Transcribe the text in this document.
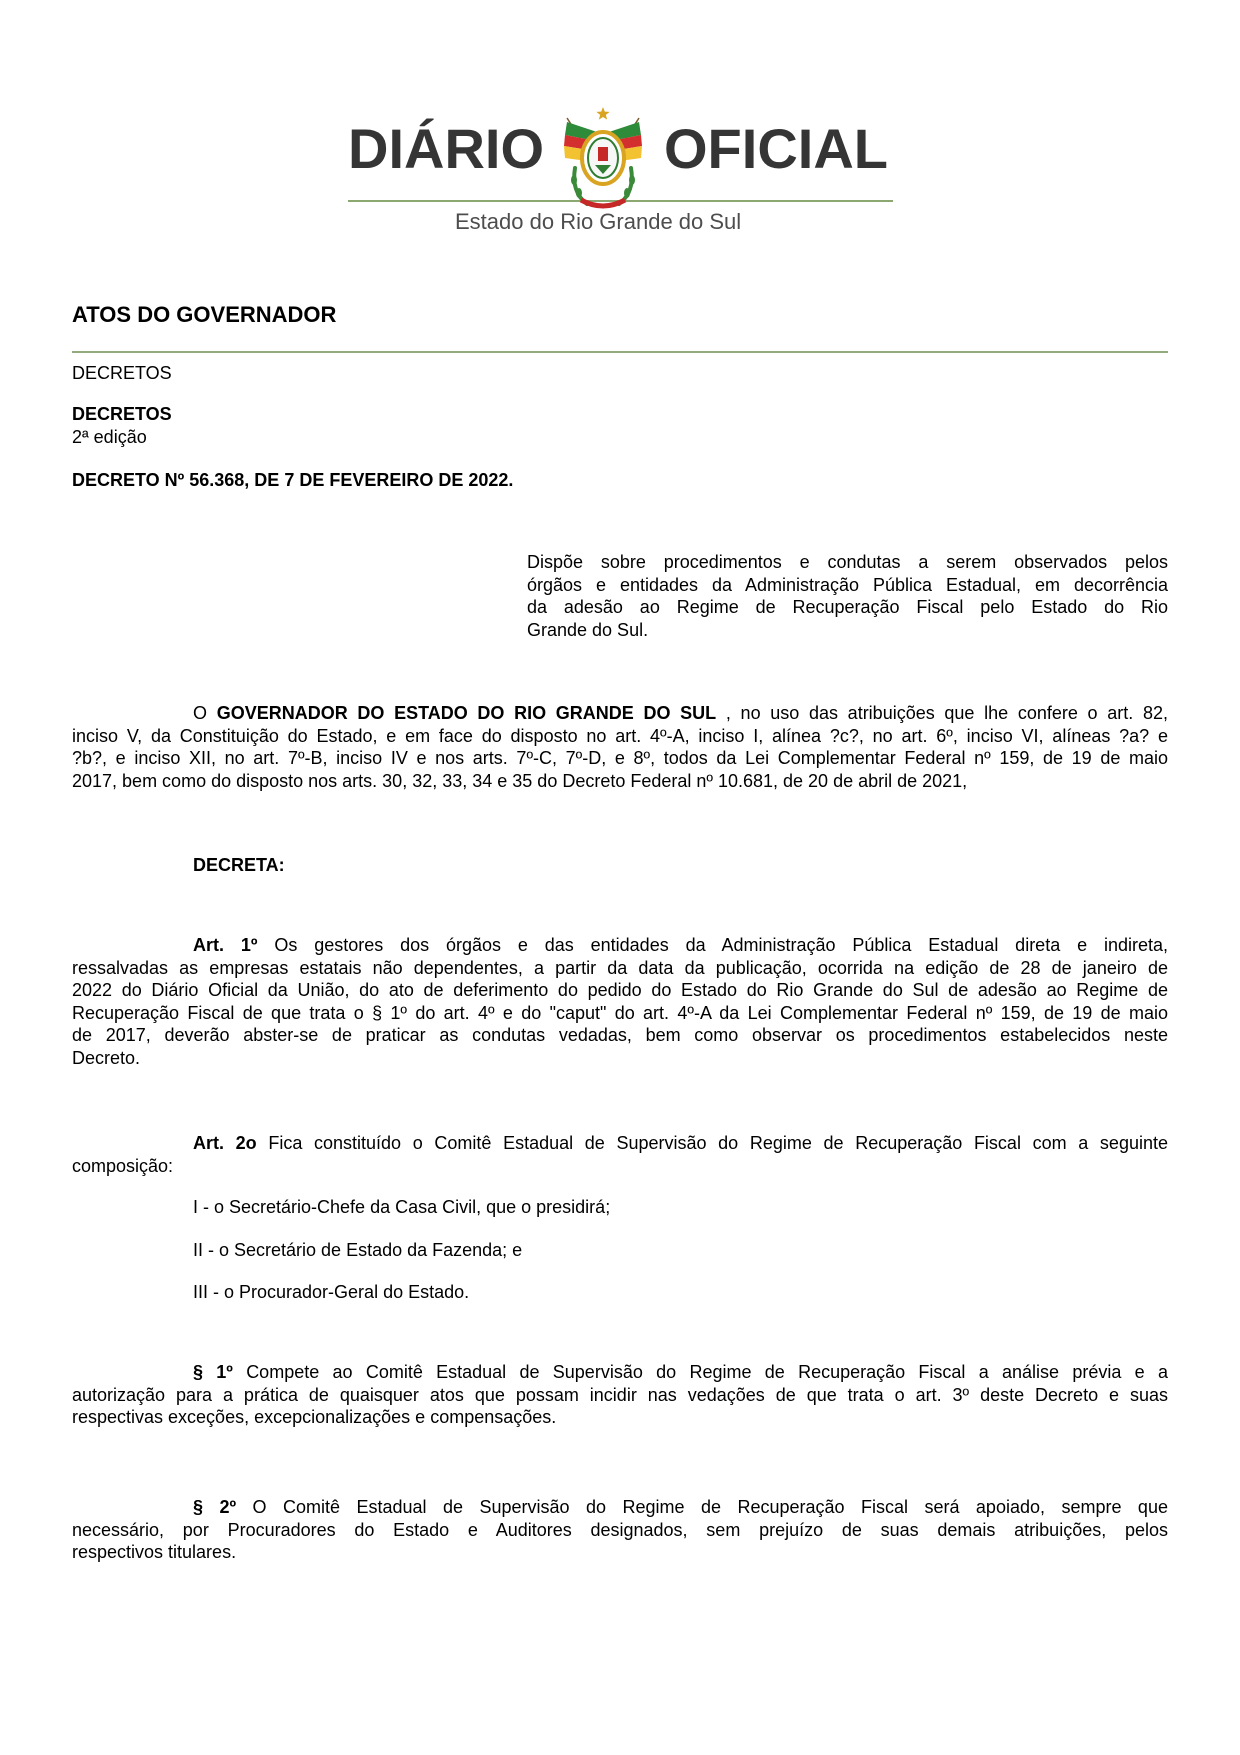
DIÁRIO OFICIAL
Estado do Rio Grande do Sul
ATOS DO GOVERNADOR
DECRETOS
DECRETOS
2ª edição
DECRETO Nº 56.368, DE 7 DE FEVEREIRO DE 2022.
Dispõe sobre procedimentos e condutas a serem observados pelos
órgãos e entidades da Administração Pública Estadual, em decorrência
da adesão ao Regime de Recuperação Fiscal pelo Estado do Rio
Grande do Sul.
O GOVERNADOR DO ESTADO DO RIO GRANDE DO SUL , no uso das atribuições que lhe confere o art. 82,
inciso V, da Constituição do Estado, e em face do disposto no art. 4º-A, inciso I, alínea ?c?, no art. 6º, inciso VI, alíneas ?a? e
?b?, e inciso XII, no art. 7º-B, inciso IV e nos arts. 7º-C, 7º-D, e 8º, todos da Lei Complementar Federal nº 159, de 19 de maio
2017, bem como do disposto nos arts. 30, 32, 33, 34 e 35 do Decreto Federal nº 10.681, de 20 de abril de 2021,
DECRETA:
Art. 1º Os gestores dos órgãos e das entidades da Administração Pública Estadual direta e indireta,
ressalvadas as empresas estatais não dependentes, a partir da data da publicação, ocorrida na edição de 28 de janeiro de
2022 do Diário Oficial da União, do ato de deferimento do pedido do Estado do Rio Grande do Sul de adesão ao Regime de
Recuperação Fiscal de que trata o § 1º do art. 4º e do "caput" do art. 4º-A da Lei Complementar Federal nº 159, de 19 de maio
de 2017, deverão abster-se de praticar as condutas vedadas, bem como observar os procedimentos estabelecidos neste
Decreto.
Art. 2o Fica constituído o Comitê Estadual de Supervisão do Regime de Recuperação Fiscal com a seguinte
composição:
I - o Secretário-Chefe da Casa Civil, que o presidirá;
II - o Secretário de Estado da Fazenda; e
III - o Procurador-Geral do Estado.
§ 1º Compete ao Comitê Estadual de Supervisão do Regime de Recuperação Fiscal a análise prévia e a
autorização para a prática de quaisquer atos que possam incidir nas vedações de que trata o art. 3º deste Decreto e suas
respectivas exceções, excepcionalizações e compensações.
§ 2º O Comitê Estadual de Supervisão do Regime de Recuperação Fiscal será apoiado, sempre que
necessário, por Procuradores do Estado e Auditores designados, sem prejuízo de suas demais atribuições, pelos
respectivos titulares.
